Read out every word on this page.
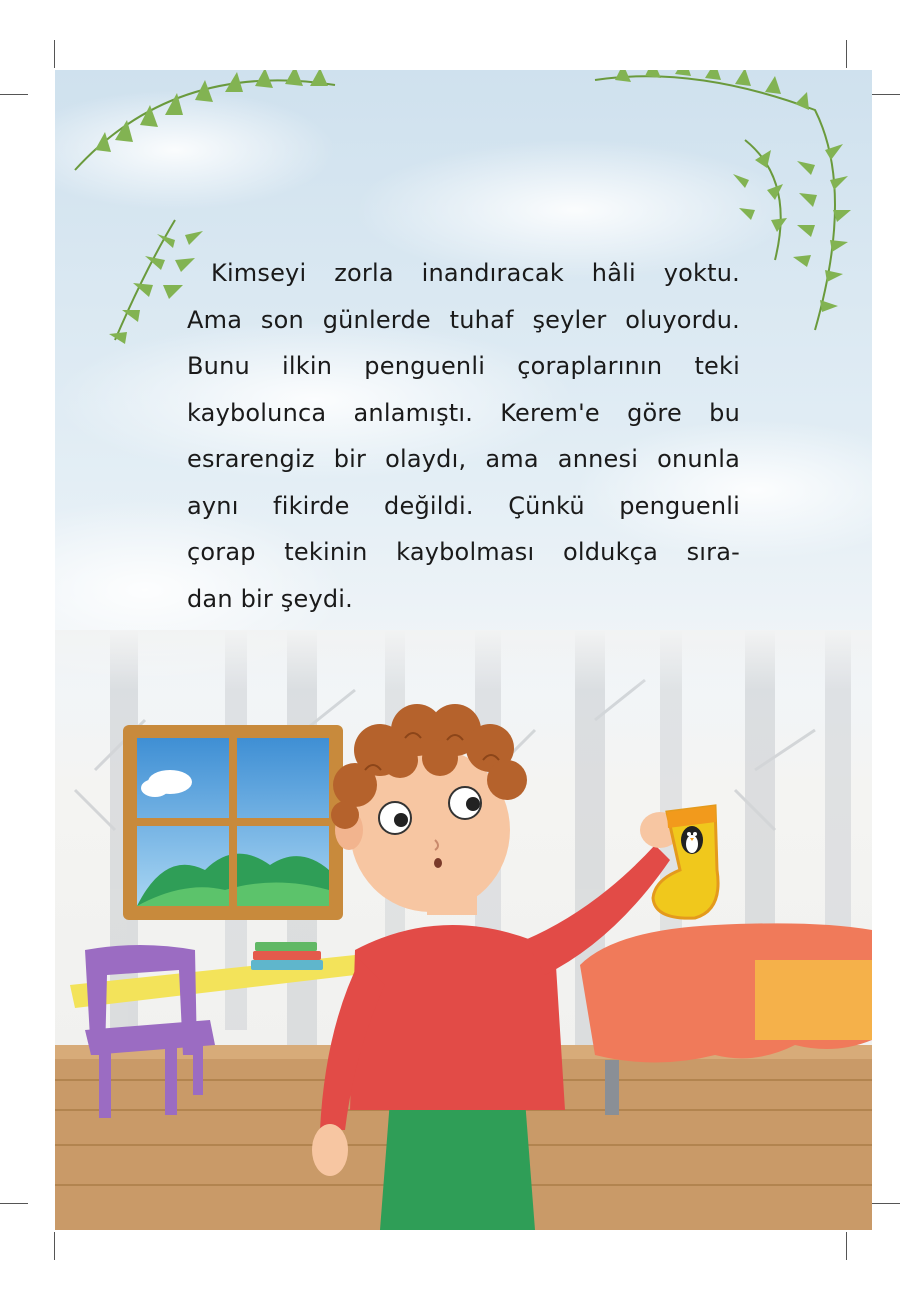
Kimseyi zorla inandıracak hâli yoktu.
Ama son günlerde tuhaf şeyler oluyordu.
Bunu ilkin penguenli çoraplarının teki
kaybolunca anlamıştı. Kerem'e göre bu
esrarengiz bir olaydı, ama annesi onunla
aynı fikirde değildi. Çünkü penguenli
çorap tekinin kaybolması oldukça sıra-
dan bir şeydi.
